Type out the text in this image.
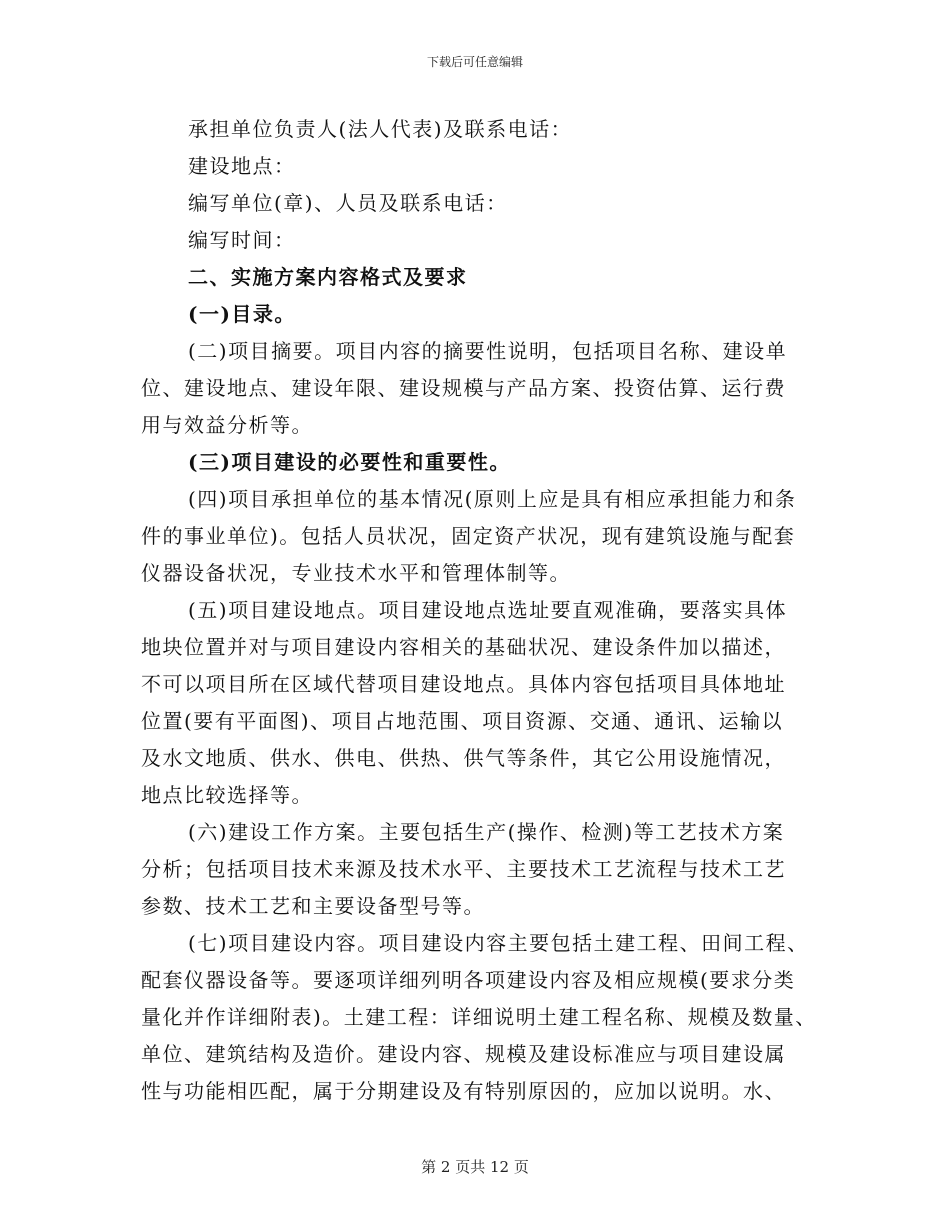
下载后可任意编辑
承担单位负责人(法人代表)及联系电话：
建设地点：
编写单位(章)、人员及联系电话：
编写时间：
二、实施方案内容格式及要求
(一)目录。
(二)项目摘要。项目内容的摘要性说明，包括项目名称、建设单
位、建设地点、建设年限、建设规模与产品方案、投资估算、运行费
用与效益分析等。
(三)项目建设的必要性和重要性。
(四)项目承担单位的基本情况(原则上应是具有相应承担能力和条
件的事业单位)。包括人员状况，固定资产状况，现有建筑设施与配套
仪器设备状况，专业技术水平和管理体制等。
(五)项目建设地点。项目建设地点选址要直观准确，要落实具体
地块位置并对与项目建设内容相关的基础状况、建设条件加以描述，
不可以项目所在区域代替项目建设地点。具体内容包括项目具体地址
位置(要有平面图)、项目占地范围、项目资源、交通、通讯、运输以
及水文地质、供水、供电、供热、供气等条件，其它公用设施情况，
地点比较选择等。
(六)建设工作方案。主要包括生产(操作、检测)等工艺技术方案
分析；包括项目技术来源及技术水平、主要技术工艺流程与技术工艺
参数、技术工艺和主要设备型号等。
(七)项目建设内容。项目建设内容主要包括土建工程、田间工程、
配套仪器设备等。要逐项详细列明各项建设内容及相应规模(要求分类
量化并作详细附表)。土建工程：详细说明土建工程名称、规模及数量、
单位、建筑结构及造价。建设内容、规模及建设标准应与项目建设属
性与功能相匹配，属于分期建设及有特别原因的，应加以说明。水、
第 2 页共 12 页
